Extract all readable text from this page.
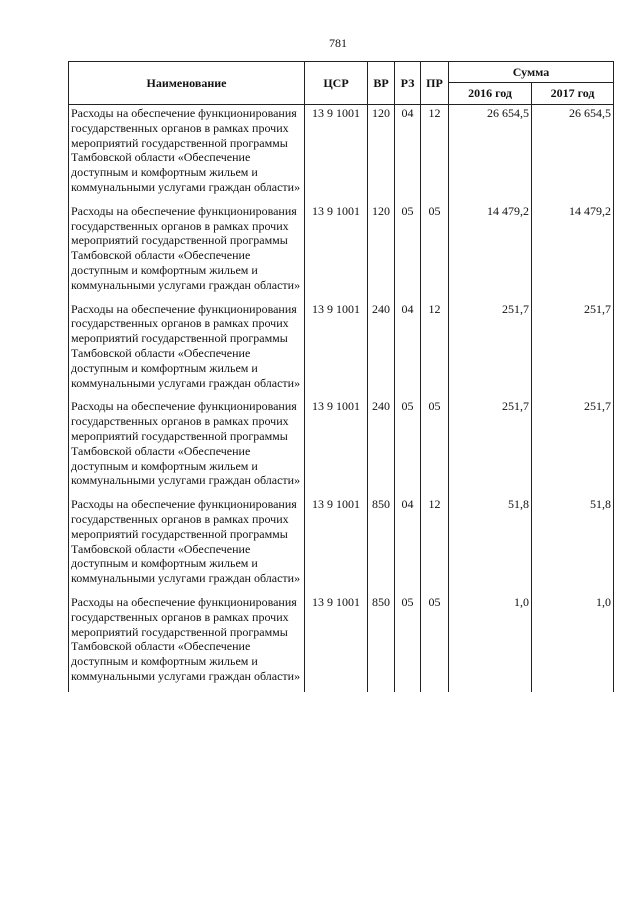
781
Наименование	ЦСР	ВР	РЗ	ПР	Сумма	
					2016 год	2017 год
Расходы на обеспечение функционирования государственных органов в рамках прочих мероприятий государственной программы Тамбовской области «Обеспечение доступным и комфортным жильем и коммунальными услугами граждан области»	13 9 1001	120	04	12	26 654,5	26 654,5
Расходы на обеспечение функционирования государственных органов в рамках прочих мероприятий государственной программы Тамбовской области «Обеспечение доступным и комфортным жильем и коммунальными услугами граждан области»	13 9 1001	120	05	05	14 479,2	14 479,2
Расходы на обеспечение функционирования государственных органов в рамках прочих мероприятий государственной программы Тамбовской области «Обеспечение доступным и комфортным жильем и коммунальными услугами граждан области»	13 9 1001	240	04	12	251,7	251,7
Расходы на обеспечение функционирования государственных органов в рамках прочих мероприятий государственной программы Тамбовской области «Обеспечение доступным и комфортным жильем и коммунальными услугами граждан области»	13 9 1001	240	05	05	251,7	251,7
Расходы на обеспечение функционирования государственных органов в рамках прочих мероприятий государственной программы Тамбовской области «Обеспечение доступным и комфортным жильем и коммунальными услугами граждан области»	13 9 1001	850	04	12	51,8	51,8
Расходы на обеспечение функционирования государственных органов в рамках прочих мероприятий государственной программы Тамбовской области «Обеспечение доступным и комфортным жильем и коммунальными услугами граждан области»	13 9 1001	850	05	05	1,0	1,0
